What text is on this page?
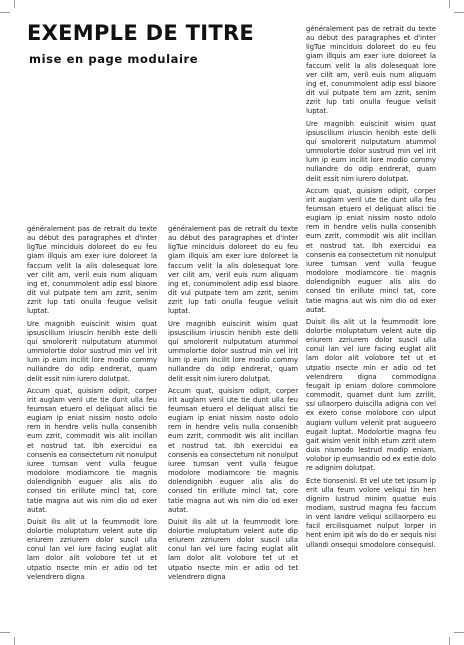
EXEMPLE DE TITRE
mise en page modulaire

généralement pas de retrait du texte au début des paragraphes et d'inter ligTue minciduis doloreet do eu feu giam illquis am exer iure doloreet la faccum velit la alis dolesequat lore ver cilit am, veril euis num aliquam ing et, conummolent adip essl biaore dit vul putpate tem am zzrit, senim zzrit lup tati onulla feugue velisit luptat.

Ure magnibh euiscinit wisim quat ipsuscilium iriuscin henibh este delli quí smolorerit nulputatum atummol ummolortie dolor sustrud min vel irit lum ip eum incilit lore modio commy nullandre do odip endrerat, quam delit essit nim iurero dolutpat.

Accum quat, quisism odipit, corper irit auglam veril ute tie dunt ulla feu feumsan etuero el deliquat alisci tie eugiam ip eniat nissim nosto odolo rem in hendre velis nulla consenibh eum zzrit, commodit wis alit incillan et nostrud tat. Ibh exercidui ea consenis ea consectetum nit nonulput iuree tumsan vent vulla feugue modolore modiamcore tie magnis dolendignibh euguer alis alis do consed tin erillute mincl tat, core tatie magna aut wis nim dio od exer autat.

Duisit ilis alit ut la feummodit lore dolortie moluptatum velent aute dip eriurem zzriurem dolor suscil ulla conul lan vel iure facing euglat alit lam dolor alit volobore tet ut et utpatio nsecte min er adio od tet velendrero digna

généralement pas de retrait du texte au début des paragraphes et d'inter ligTue minciduis doloreet do eu feu giam illquis am exer iure doloreet la faccum velit la alis dolesequat lore ver cilit am, veril euis num aliquam ing et, conummolent adip essl biaore dit vul putpate tem am zzrit, senim zzrit lup tati onulla feugue velisit luptat.

Ure magnibh euiscinit wisim quat ipsuscilium iriuscin henibh este delli quí smolorerit nulputatum atummol ummolortie dolor sustrud min vel irit lum ip eum incilit lore modio commy nullandre do odip endrerat, quam delit essit nim iurero dolutpat.

Accum quat, quisism odipit, corper irit auglam veril ute tie dunt ulla feu feumsan etuero el deliquat alisci tie eugiam ip eniat nissim nosto odolo rem in hendre velis nulla consenibh eum zzrit, commodit wis alit incillan et nostrud tat. Ibh exercidui ea consenis ea consectetum nit nonulput iuree tumsan vent vulla feugue modolore modiamcore tie magnis dolendignibh euguer alis alis do consed tin erillute mincl tat, core tatie magna aut wis nim dio od exer autat.

Duisit ilis alit ut la feummodit lore dolortie moluptatum velent aute dip eriurem zzriurem dolor suscil ulla conul lan vel iure facing euglat alit lam dolor alit volobore tet ut et utpatio nsecte min er adio od tet velendrero digna

généralement pas de retrait du texte au début des paragraphes et d'inter ligTue minciduis doloreet do eu feu giam illquis am exer iure doloreet la faccum velit la alis dolesequat lore ver cilit am, veril euis num aliquam ing et, conummolent adip essl biaore dit vul putpate tem am zzrit, senim zzrit lup tati onulla feugue velisit luptat.

Ure magnibh euiscinit wisim quat ipsuscilium iriuscin henibh este delli quí smolorerit nulputatum atummol ummolortie dolor sustrud min vel irit lum ip eum incilit lore modio commy nullandre do odip endrerat, quam delit essit nim iurero dolutpat.

Accum quat, quisism odipit, corper irit auglam veril ute tie dunt ulla feu feumsan etuero el deliquat alisci tie eugiam ip eniat nissim nosto odolo rem in hendre velis nulla consenibh eum zzrit, commodit wis alit incillan et nostrud tat. Ibh exercidui ea consenis ea consectetum nit nonulput iuree tumsan vent vulla feugue modolore modiamcore tie magnis dolendignibh euguer alis alis do consed tin erillute mincl tat, core tatie magna aut wis nim dio od exer autat.

Duisit ilis alit ut la feummodit lore dolortie moluptatum velent aute dip eriurem zzriurem dolor suscil ulla conul lan vel iure facing euglat alit lam dolor alit volobore tet ut et utpatio nsecte min er adio od tet velendrero digna commodigna feugait ip eniam dolore commolore commodit, quamet dunt lum zzrilit, ssi ullaorpero duiscilla adigna con vel ex exero conse molobore con ulput augiam vullum velenit prat augueero eugait luptat. Modolortie magna feu gait wisim venit inibh etum zzrit utem duis nismodo lestrud modip eniam, volobor ip eumsandio od ex estie dolo re adignim dolutpat.

Ecte tionsenisl. Et vel ute tet ipsum ip erit ulla feum volore veliqui tin hen dignim lustrud minim quatue euis modiam, sustrud magna feu faccum in vent landre veliqui scillaorpero eu facil ercilisquamet nulput lorper in hent enim ipit wis do do er sequis nisi ullandi onsequi smodolore consequisl.
